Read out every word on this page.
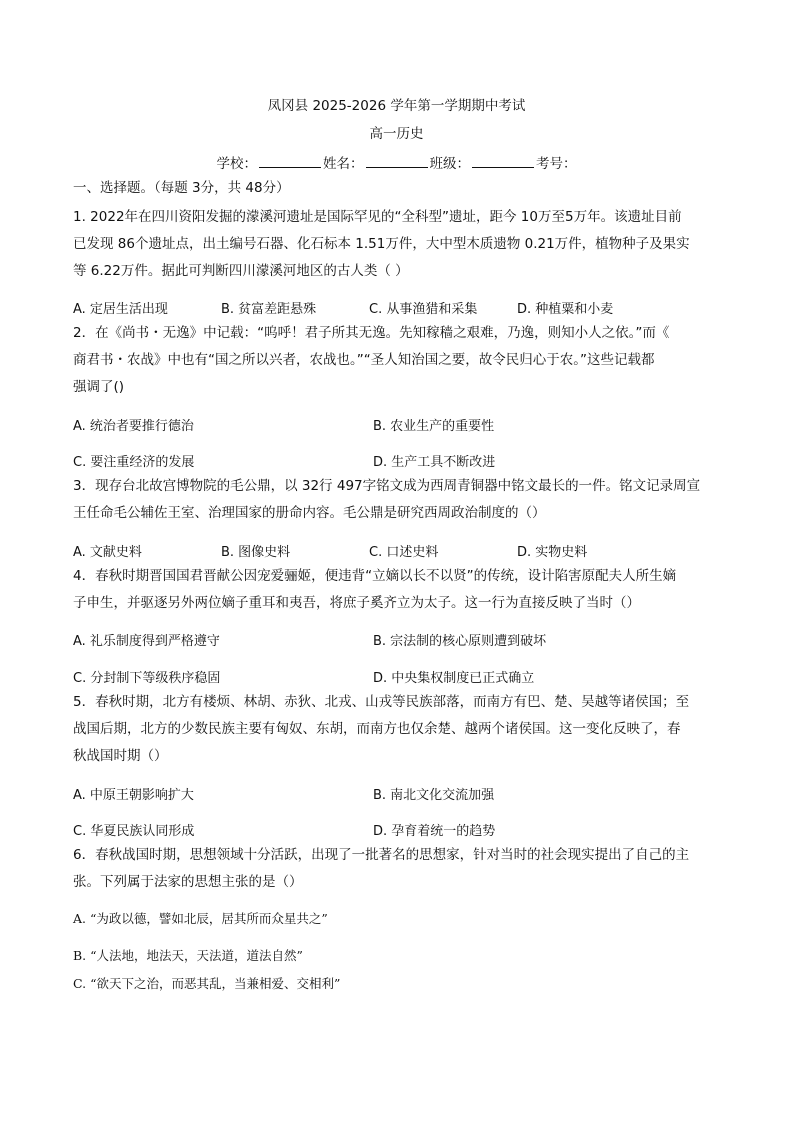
凤冈县 2025-2026 学年第一学期期中考试
高一历史
学校：	姓名：	班级：	考号：
一、选择题。（每题 3分，共 48分）
1. 2022年在四川资阳发掘的濛溪河遗址是国际罕见的“全科型”遗址，距今 10万至5万年。该遗址目前
已发现 86个遗址点，出土编号石器、化石标本 1.51万件，大中型木质遗物 0.21万件，植物种子及果实
等 6.22万件。据此可判断四川濛溪河地区的古人类（ ）
A. 定居生活出现	B. 贫富差距悬殊	C. 从事渔猎和采集	D. 种植粟和小麦
2．在《尚书・无逸》中记载：“呜呼！君子所其无逸。先知稼穑之艰难，乃逸，则知小人之依。”而《
商君书・农战》中也有“国之所以兴者，农战也。”“圣人知治国之要，故令民归心于农。”这些记载都
强调了()
A. 统治者要推行德治	B. 农业生产的重要性
C. 要注重经济的发展	D. 生产工具不断改进
3．现存台北故宫博物院的毛公鼎，以 32行 497字铭文成为西周青铜器中铭文最长的一件。铭文记录周宣
王任命毛公辅佐王室、治理国家的册命内容。毛公鼎是研究西周政治制度的（）
A. 文献史料	B. 图像史料	C. 口述史料	D. 实物史料
4．春秋时期晋国国君晋献公因宠爱骊姬，便违背“立嫡以长不以贤”的传统，设计陷害原配夫人所生嫡
子申生，并驱逐另外两位嫡子重耳和夷吾，将庶子奚齐立为太子。这一行为直接反映了当时（）
A. 礼乐制度得到严格遵守	B. 宗法制的核心原则遭到破坏
C. 分封制下等级秩序稳固	D. 中央集权制度已正式确立
5．春秋时期，北方有楼烦、林胡、赤狄、北戎、山戎等民族部落，而南方有巴、楚、吴越等诸侯国；至
战国后期，北方的少数民族主要有匈奴、东胡，而南方也仅余楚、越两个诸侯国。这一变化反映了，春
秋战国时期（）
A. 中原王朝影响扩大	B. 南北文化交流加强
C. 华夏民族认同形成	D. 孕育着统一的趋势
6．春秋战国时期，思想领域十分活跃，出现了一批著名的思想家，针对当时的社会现实提出了自己的主
张。下列属于法家的思想主张的是（）
A. “为政以德，譬如北辰，居其所而众星共之”
B. “人法地，地法天，天法道，道法自然”
C. “欲天下之治，而恶其乱，当兼相爱、交相利”
